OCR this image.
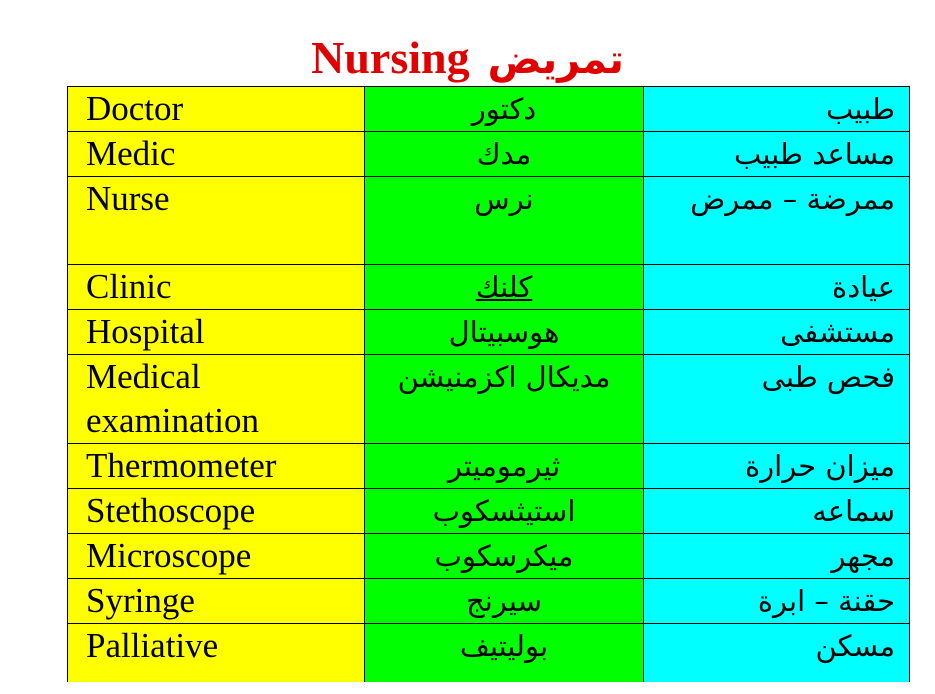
Nursing تمريض
Doctor	دكتور	طبيب
Medic	مدك	مساعد طبيب
Nurse	نرس	ممرضة – ممرض
Clinic	كلنك	عيادة
Hospital	هوسبيتال	مستشفى
Medical examination	مديكال اكزمنيشن	فحص طبى
Thermometer	ثيرموميتر	ميزان حرارة
Stethoscope	استيثسكوب	سماعه
Microscope	ميكرسكوب	مجهر
Syringe	سيرنج	حقنة – ابرة
Palliative	بوليتيف	مسكن
